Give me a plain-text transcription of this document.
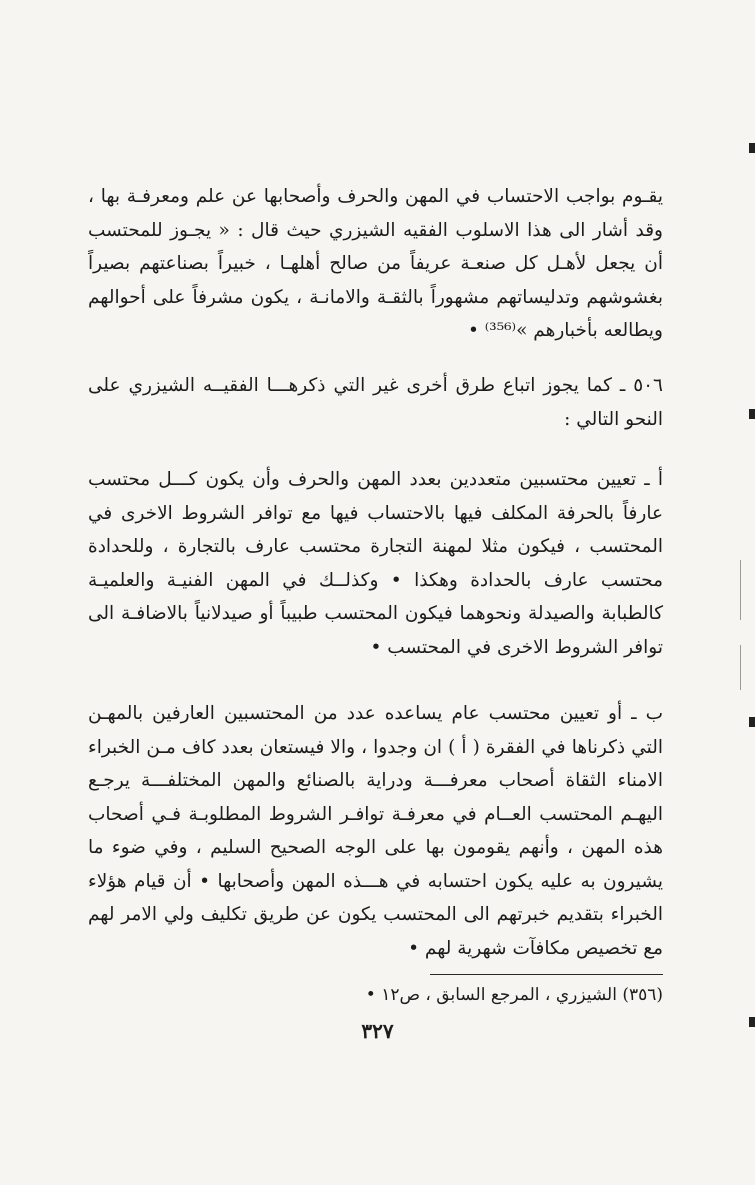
يقـوم بواجب الاحتساب في المهن والحرف وأصحابها عن علم ومعرفـة بها ، وقد أشار الى هذا الاسلوب الفقيه الشيزري حيث قال : « يجـوز للمحتسب أن يجعل لأهـل كل صنعـة عريفاً من صالح أهلهـا ، خبيراً بصناعتهم بصيراً بغشوشهم وتدليساتهم مشهوراً بالثقـة والامانـة ، يكون مشرفاً على أحوالهم ويطالعه بأخبارهم »⁽³⁵⁶⁾ •

٥٠٦ ـ كما يجوز اتباع طرق أخرى غير التي ذكرهـــا الفقيــه الشيزري على النحو التالي :

أ ـ تعيين محتسبين متعددين بعدد المهن والحرف وأن يكون كـــل محتسب عارفاً بالحرفة المكلف فيها بالاحتساب فيها مع توافر الشروط الاخرى في المحتسب ، فيكون مثلا لمهنة التجارة محتسب عارف بالتجارة ، وللحدادة محتسب عارف بالحدادة وهكذا • وكذلــك في المهن الفنيـة والعلميـة كالطبابة والصيدلة ونحوهما فيكون المحتسب طبيباً أو صيدلانياً بالاضافـة الى توافر الشروط الاخرى في المحتسب •

ب ـ أو تعيين محتسب عام يساعده عدد من المحتسبين العارفين بالمهـن التي ذكرناها في الفقرة ( أ ) ان وجدوا ، والا فيستعان بعدد كاف مـن الخبراء الامناء الثقاة أصحاب معرفـــة ودراية بالصنائع والمهن المختلفـــة يرجـع اليهـم المحتسب العــام في معرفـة توافـر الشروط المطلوبـة فـي أصحاب هذه المهن ، وأنهم يقومون بها على الوجه الصحيح السليم ، وفي ضوء ما يشيرون به عليه يكون احتسابه في هـــذه المهن وأصحابها • أن قيام هؤلاء الخبراء بتقديم خبرتهم الى المحتسب يكون عن طريق تكليف ولي الامر لهم مع تخصيص مكافآت شهرية لهم •

(٣٥٦) الشيزري ، المرجع السابق ، ص١٢ •
٣٢٧
